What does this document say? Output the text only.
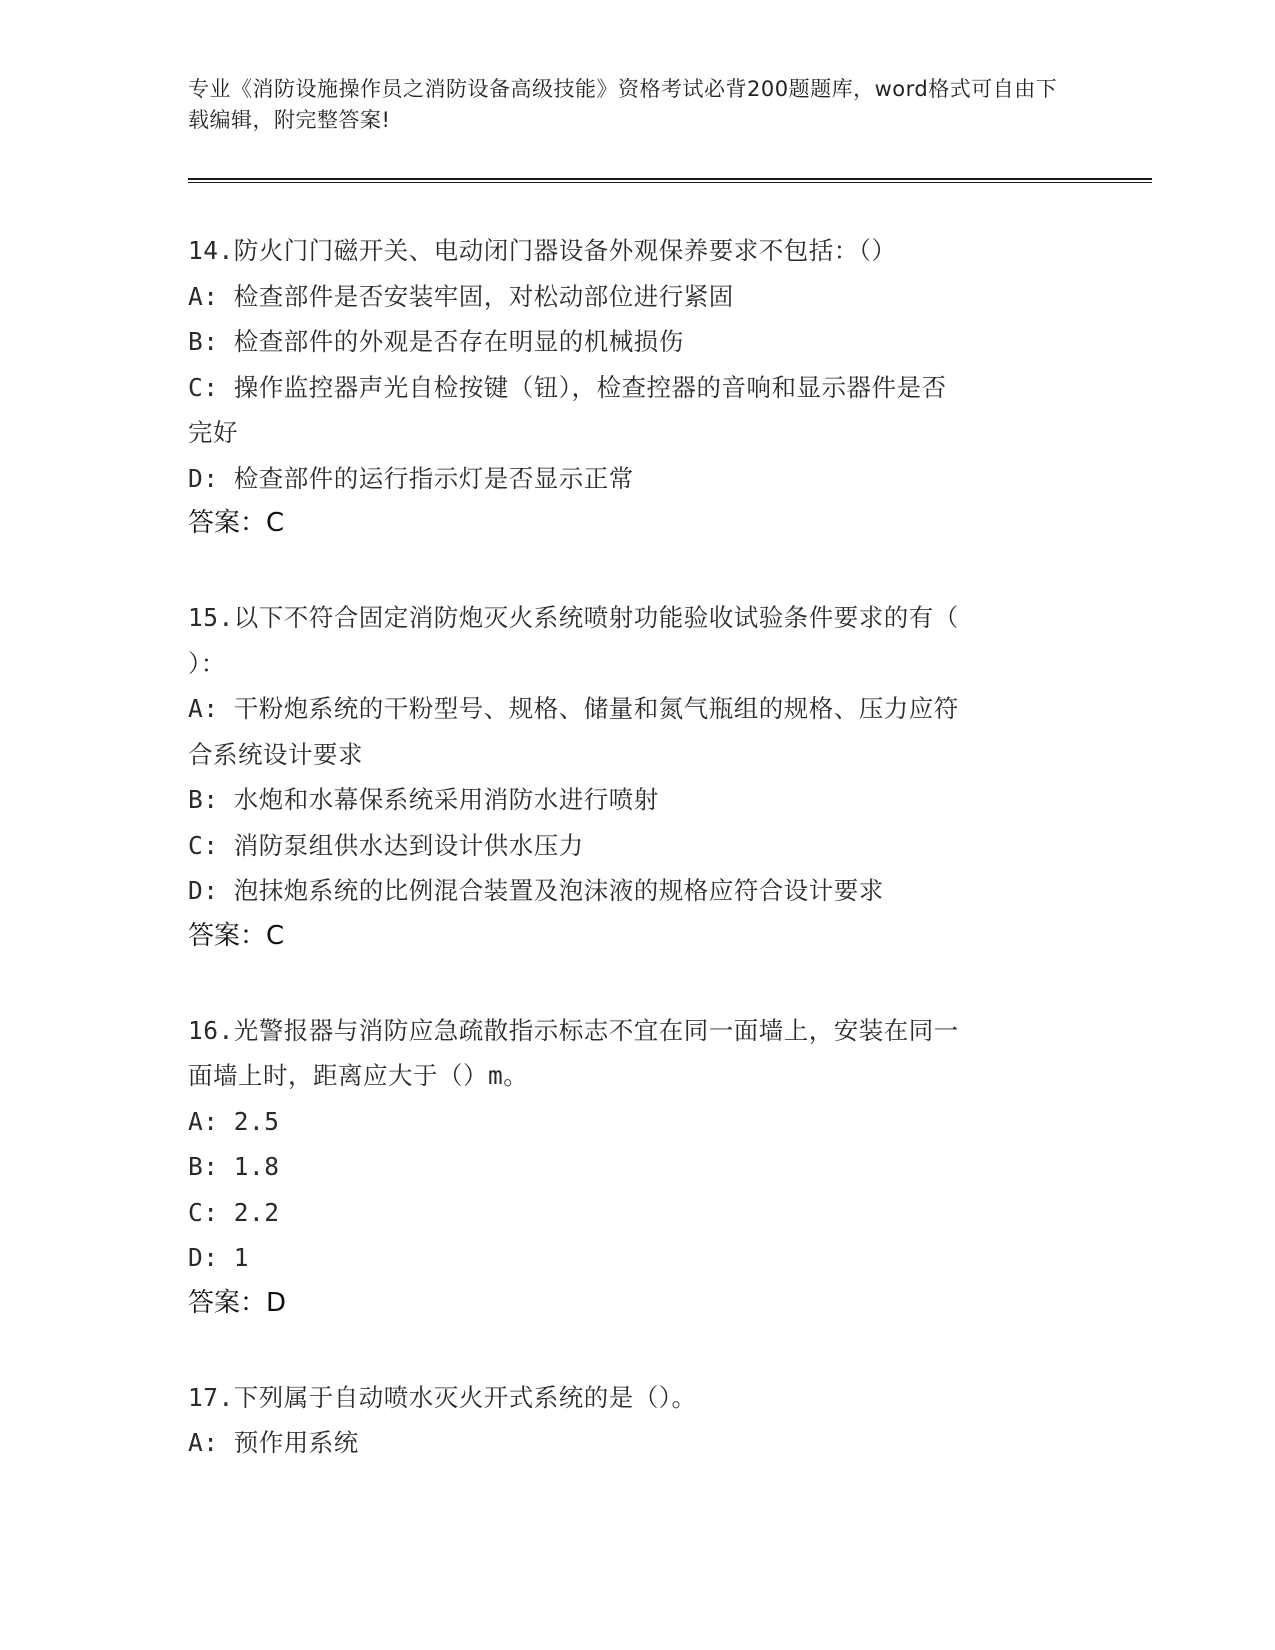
专业《消防设施操作员之消防设备高级技能》资格考试必背200题题库，word格式可自由下载编辑，附完整答案!
14.防火门门磁开关、电动闭门器设备外观保养要求不包括：（）
A: 检查部件是否安装牢固，对松动部位进行紧固
B: 检查部件的外观是否存在明显的机械损伤
C: 操作监控器声光自检按键（钮），检查控器的音响和显示器件是否
完好
D: 检查部件的运行指示灯是否显示正常
答案：C
15.以下不符合固定消防炮灭火系统喷射功能验收试验条件要求的有（
）：
A: 干粉炮系统的干粉型号、规格、储量和氮气瓶组的规格、压力应符
合系统设计要求
B: 水炮和水幕保系统采用消防水进行喷射
C: 消防泵组供水达到设计供水压力
D: 泡抹炮系统的比例混合装置及泡沫液的规格应符合设计要求
答案：C
16.光警报器与消防应急疏散指示标志不宜在同一面墙上，安装在同一
面墙上时，距离应大于（）m。
A: 2.5
B: 1.8
C: 2.2
D: 1
答案：D
17.下列属于自动喷水灭火开式系统的是（）。
A: 预作用系统
